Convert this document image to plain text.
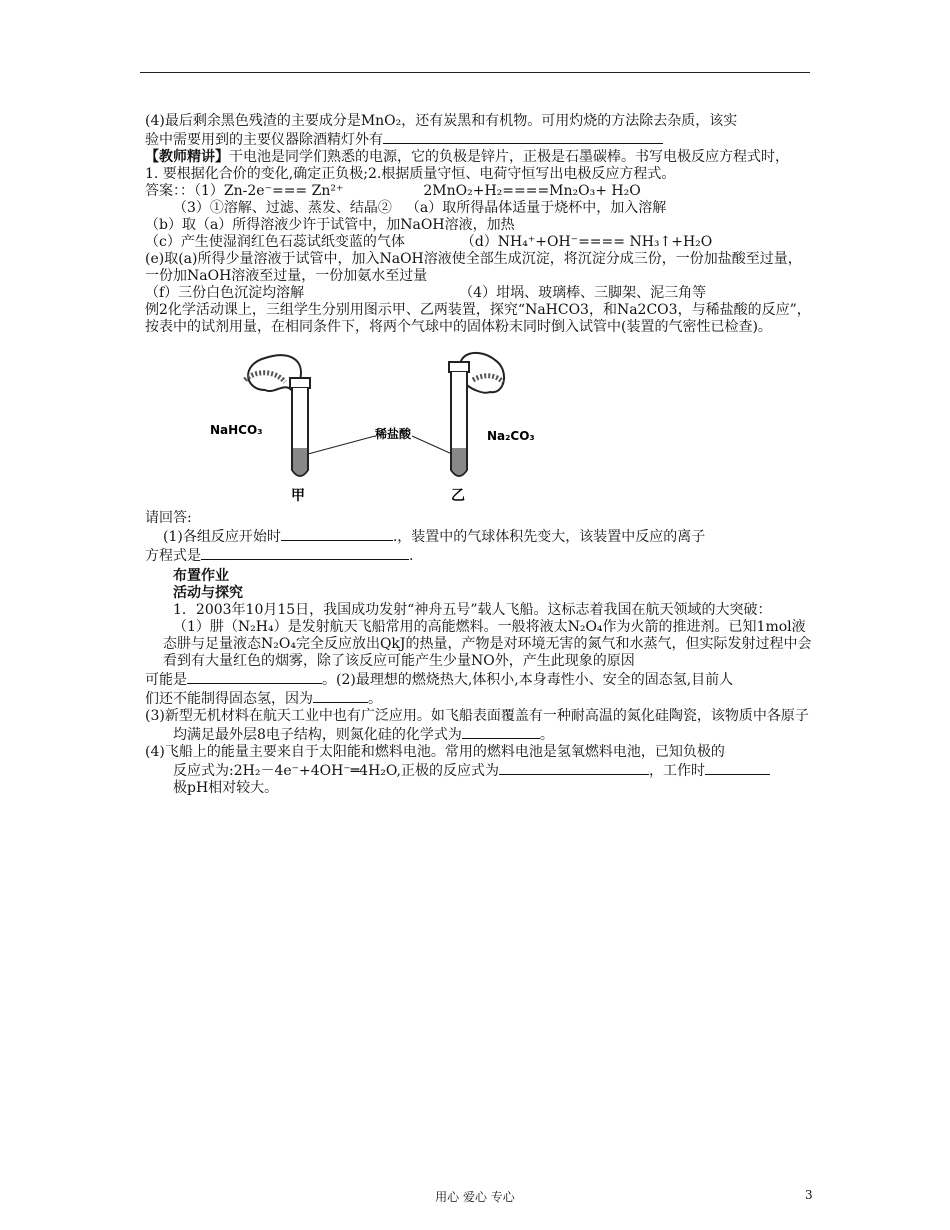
(4)最后剩余黑色残渣的主要成分是MnO₂，还有炭黑和有机物。可用灼烧的方法除去杂质，该实
验中需要用到的主要仪器除酒精灯外有
【教师精讲】干电池是同学们熟悉的电源，它的负极是锌片，正极是石墨碳棒。书写电极反应方程式时，
1. 要根据化合价的变化,确定正负极;2.根据质量守恒、电荷守恒写出电极反应方程式。
答案：：（1）Zn-2e⁻=== Zn²⁺	2MnO₂+H₂====Mn₂O₃+ H₂O
（3）①溶解、过滤、蒸发、结晶② （a）取所得晶体适量于烧杯中，加入溶解
（b）取（a）所得溶液少许于试管中，加NaOH溶液，加热
（c）产生使湿润红色石蕊试纸变蓝的气体	（d）NH₄⁺+OH⁻==== NH₃↑+H₂O
(e)取(a)所得少量溶液于试管中，加入NaOH溶液使全部生成沉淀，将沉淀分成三份，一份加盐酸至过量，一份加NaOH溶液至过量，一份加氨水至过量
（f）三份白色沉淀均溶解	（4）坩埚、玻璃棒、三脚架、泥三角等
例2化学活动课上，三组学生分别用图示甲、乙两装置，探究“NaHCO3，和Na2CO3，与稀盐酸的反应”，按表中的试剂用量，在相同条件下，将两个气球中的固体粉末同时倒入试管中(装置的气密性已检查)。
NaHCO₃	Na₂CO₃
稀盐酸
甲	乙
请回答:
(1)各组反应开始时	.，装置中的气球体积先变大，该装置中反应的离子
方程式是	.
布置作业
活动与探究
1．2003年10月15日，我国成功发射“神舟五号”载人飞船。这标志着我国在航天领域的大突破：
（1）肼（N₂H₄）是发射航天飞船常用的高能燃料。一般将液太N₂O₄作为火箭的推进剂。已知1mol液态肼与足量液态N₂O₄完全反应放出QkJ的热量，产物是对环境无害的氮气和水蒸气，但实际发射过程中会看到有大量红色的烟雾，除了该反应可能产生少量NO外，产生此现象的原因
可能是	。(2)最理想的燃烧热大,体积小,本身毒性小、安全的固态氢,目前人
们还不能制得固态氢，因为	。
(3)新型无机材料在航天工业中也有广泛应用。如飞船表面覆盖有一种耐高温的氮化硅陶瓷，该物质中各原子均满足最外层8电子结构，则氮化硅的化学式为	。
(4)飞船上的能量主要来自于太阳能和燃料电池。常用的燃料电池是氢氧燃料电池，已知负极的
反应式为:2H₂－4e⁻+4OH⁻═4H₂O,正极的反应式为	，工作时
极pH相对较大。
用心 爱心 专心	3
